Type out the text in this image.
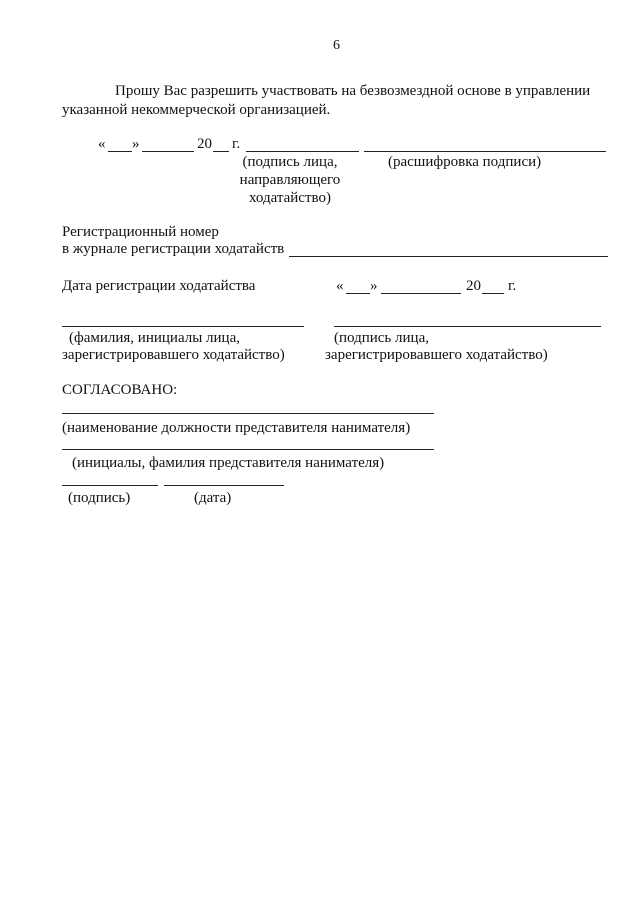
6
Прошу Вас разрешить участвовать на безвозмездной основе в управлении
указанной некоммерческой организацией.
« »	20 г.
(подпись лица,
направляющего
ходатайство)
(расшифровка подписи)
Регистрационный номер
в журнале регистрации ходатайств
Дата регистрации ходатайства	« »	20 г.
(фамилия, инициалы лица,
зарегистрировавшего ходатайство)
(подпись лица,
зарегистрировавшего ходатайство)
СОГЛАСОВАНО:
(наименование должности представителя нанимателя)
(инициалы, фамилия представителя нанимателя)
(подпись)	(дата)
